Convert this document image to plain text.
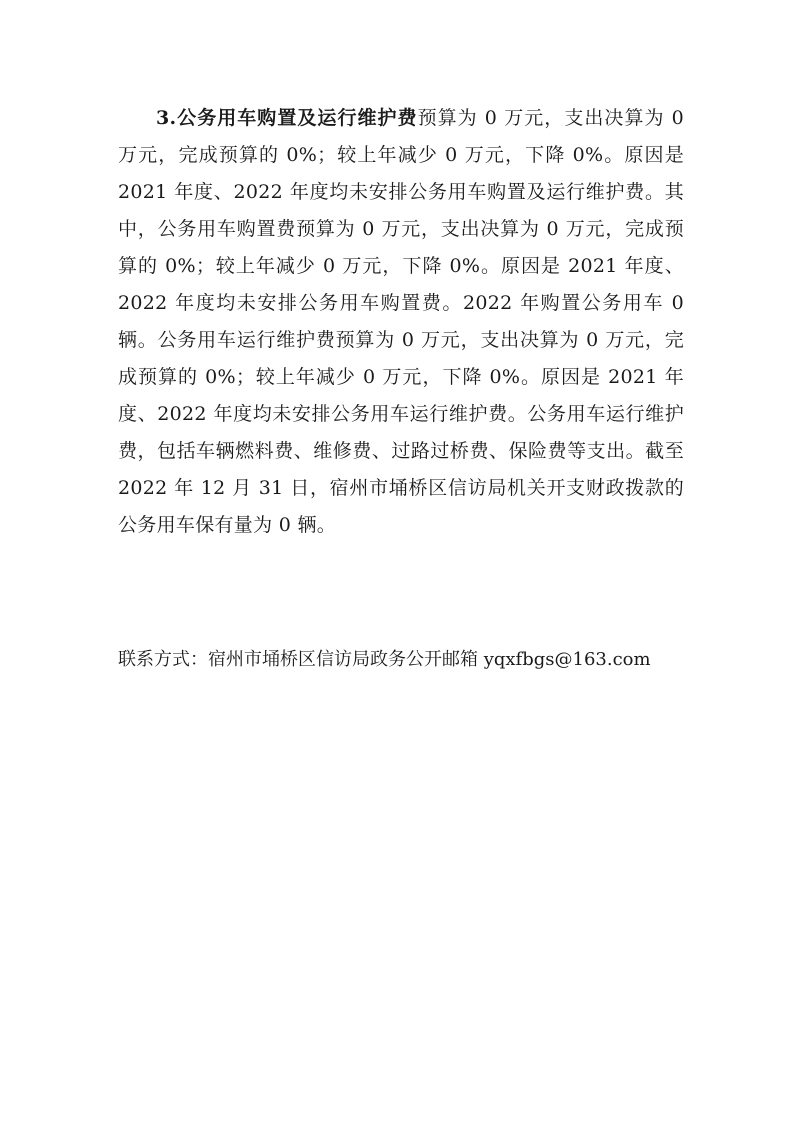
3.公务用车购置及运行维护费预算为 0 万元，支出决算为 0 万元，完成预算的 0%；较上年减少 0 万元，下降 0%。原因是 2021 年度、2022 年度均未安排公务用车购置及运行维护费。其中，公务用车购置费预算为 0 万元，支出决算为 0 万元，完成预算的 0%；较上年减少 0 万元，下降 0%。原因是 2021 年度、2022 年度均未安排公务用车购置费。2022 年购置公务用车 0 辆。公务用车运行维护费预算为 0 万元，支出决算为 0 万元，完成预算的 0%；较上年减少 0 万元，下降 0%。原因是 2021 年度、2022 年度均未安排公务用车运行维护费。公务用车运行维护费，包括车辆燃料费、维修费、过路过桥费、保险费等支出。截至 2022 年 12 月 31 日，宿州市埇桥区信访局机关开支财政拨款的公务用车保有量为 0 辆。

联系方式：宿州市埇桥区信访局政务公开邮箱 yqxfbgs@163.com
